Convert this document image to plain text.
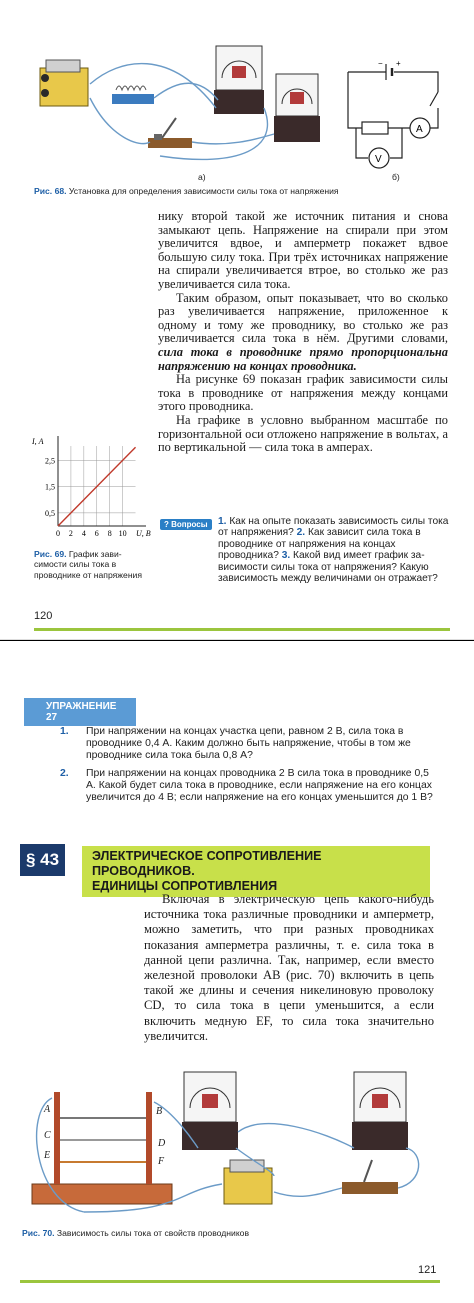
A
V
− +
а)	б)
Рис. 68. Установка для определения зависимости силы тока от напряжения

нику второй такой же источник питания и снова замыкают цепь. Напряжение на спирали при этом увеличится вдвое, и амперметр покажет вдвое большую силу тока. При трёх источниках напряжение на спирали увеличивается втрое, во столько же раз увеличивается сила тока.

Таким образом, опыт показывает, что во сколько раз увеличивается напряжение, приложенное к одному и тому же проводнику, во столько же раз увеличивается сила тока в нём. Другими словами, сила тока в проводнике прямо пропорциональна напряжению на концах проводника.

На рисунке 69 показан график зависимости силы тока в проводнике от напряжения между концами этого проводника.

На графике в условно выбранном масштабе по горизонтальной оси отложено напряжение в вольтах, а по вертикальной — сила тока в амперах.

0 2 4 6 8 10
0,5
1,5
2,5
U, В
I, А
Рис. 69. График зависимости силы тока в проводнике от напряжения
? Вопросы	1. Как на опыте показать зависимость силы тока от напряжения? 2. Как зависит сила тока в проводнике от напряжения на концах проводника? 3. Какой вид имеет график зависимости силы тока от напряжения? Какую зависимость между величинами он отражает?
120
УПРАЖНЕНИЕ 27
1. При напряжении на концах участка цепи, равном 2 В, сила тока в проводнике 0,4 А. Каким должно быть напряжение, чтобы в том же проводнике сила тока была 0,8 А?
2. При напряжении на концах проводника 2 В сила тока в проводнике 0,5 А. Какой будет сила тока в проводнике, если напряжение на его концах увеличится до 4 В; если напряжение на его концах уменьшится до 1 В?
§ 43	ЭЛЕКТРИЧЕСКОЕ СОПРОТИВЛЕНИЕ ПРОВОДНИКОВ.
ЕДИНИЦЫ СОПРОТИВЛЕНИЯ
Включая в электрическую цепь какого-нибудь источника тока различные проводники и амперметр, можно заметить, что при разных проводниках показания амперметра различны, т. е. сила тока в данной цепи различна. Так, например, если вместо железной проволоки AB (рис. 70) включить в цепь такой же длины и сечения никелиновую проволоку CD, то сила тока в цепи уменьшится, а если включить медную EF, то сила тока значительно увеличится.
A	B
C
D
E
F
Рис. 70. Зависимость силы тока от свойств проводников
121
